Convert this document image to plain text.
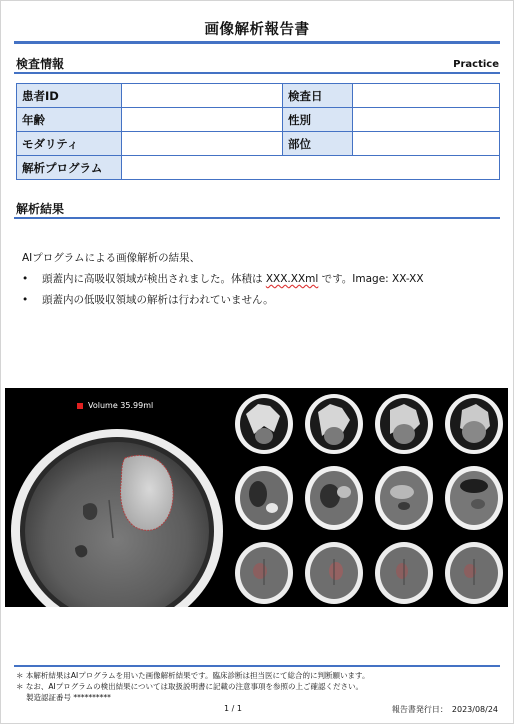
画像解析報告書
検査情報	Practice
患者ID		検査日	
年齢		性別	
モダリティ		部位	
解析プログラム			
解析結果
AIプログラムによる画像解析の結果、
• 頭蓋内に高吸収領域が検出されました。体積は XXX.XXml です。Image: XX-XX
• 頭蓋内の低吸収領域の解析は行われていません。
Volume 35.99ml
＊ 本解析結果はAIプログラムを用いた画像解析結果です。臨床診断は担当医にて総合的に判断願います。
＊ なお、AIプログラムの検出結果については取扱説明書に記載の注意事項を参照の上ご確認ください。
製造認証番号 **********
1 / 1	報告書発行日：　2023/08/24
